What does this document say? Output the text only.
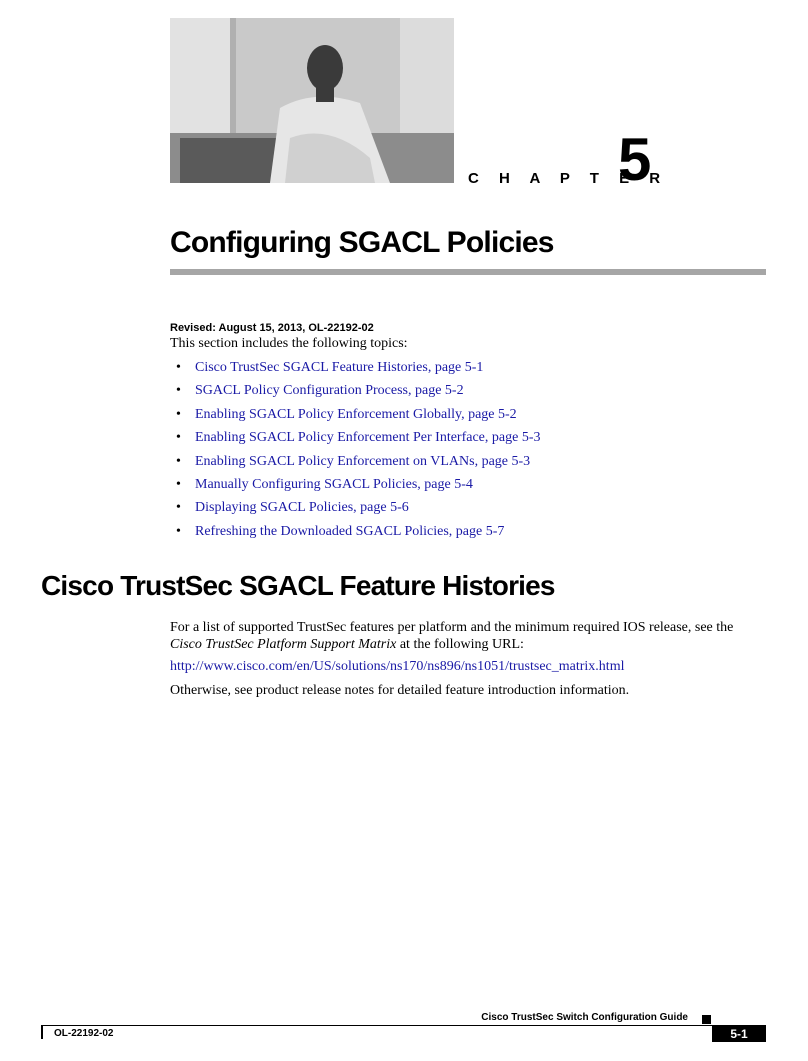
C H A P T E R
5
Configuring SGACL Policies
Revised: August 15, 2013, OL-22192-02
This section includes the following topics:
• Cisco TrustSec SGACL Feature Histories, page 5-1
• SGACL Policy Configuration Process, page 5-2
• Enabling SGACL Policy Enforcement Globally, page 5-2
• Enabling SGACL Policy Enforcement Per Interface, page 5-3
• Enabling SGACL Policy Enforcement on VLANs, page 5-3
• Manually Configuring SGACL Policies, page 5-4
• Displaying SGACL Policies, page 5-6
• Refreshing the Downloaded SGACL Policies, page 5-7
Cisco TrustSec SGACL Feature Histories
For a list of supported TrustSec features per platform and the minimum required IOS release, see the Cisco TrustSec Platform Support Matrix at the following URL:
http://www.cisco.com/en/US/solutions/ns170/ns896/ns1051/trustsec_matrix.html
Otherwise, see product release notes for detailed feature introduction information.
Cisco TrustSec Switch Configuration Guide
OL-22192-02	5-1
